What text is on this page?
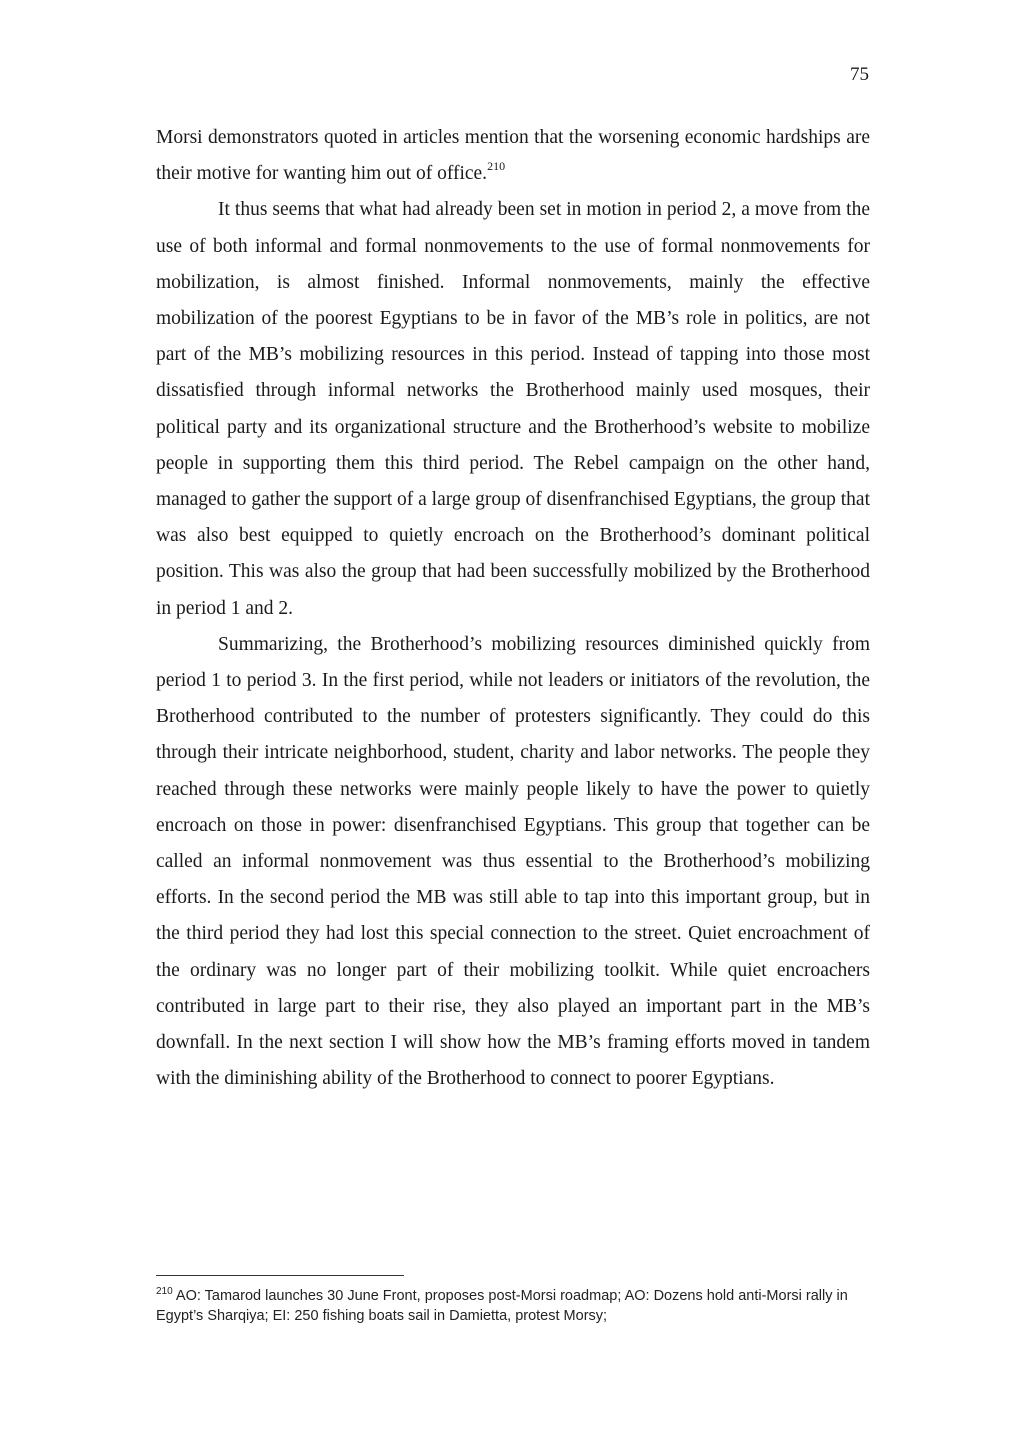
75

Morsi demonstrators quoted in articles mention that the worsening economic hardships are their motive for wanting him out of office.$^{210}$

It thus seems that what had already been set in motion in period 2, a move from the use of both informal and formal nonmovements to the use of formal nonmovements for mobilization, is almost finished. Informal nonmovements, mainly the effective mobilization of the poorest Egyptians to be in favor of the MB’s role in politics, are not part of the MB’s mobilizing resources in this period. Instead of tapping into those most dissatisfied through informal networks the Brotherhood mainly used mosques, their political party and its organizational structure and the Brotherhood’s website to mobilize people in supporting them this third period. The Rebel campaign on the other hand, managed to gather the support of a large group of disenfranchised Egyptians, the group that was also best equipped to quietly encroach on the Brotherhood’s dominant political position. This was also the group that had been successfully mobilized by the Brotherhood in period 1 and 2.

Summarizing, the Brotherhood’s mobilizing resources diminished quickly from period 1 to period 3. In the first period, while not leaders or initiators of the revolution, the Brotherhood contributed to the number of protesters significantly. They could do this through their intricate neighborhood, student, charity and labor networks. The people they reached through these networks were mainly people likely to have the power to quietly encroach on those in power: disenfranchised Egyptians. This group that together can be called an informal nonmovement was thus essential to the Brotherhood’s mobilizing efforts. In the second period the MB was still able to tap into this important group, but in the third period they had lost this special connection to the street. Quiet encroachment of the ordinary was no longer part of their mobilizing toolkit. While quiet encroachers contributed in large part to their rise, they also played an important part in the MB’s downfall. In the next section I will show how the MB’s framing efforts moved in tandem with the diminishing ability of the Brotherhood to connect to poorer Egyptians.

$^{210}$ AO: Tamarod launches 30 June Front, proposes post-Morsi roadmap; AO: Dozens hold anti-Morsi rally in Egypt’s Sharqiya; EI: 250 fishing boats sail in Damietta, protest Morsy;
